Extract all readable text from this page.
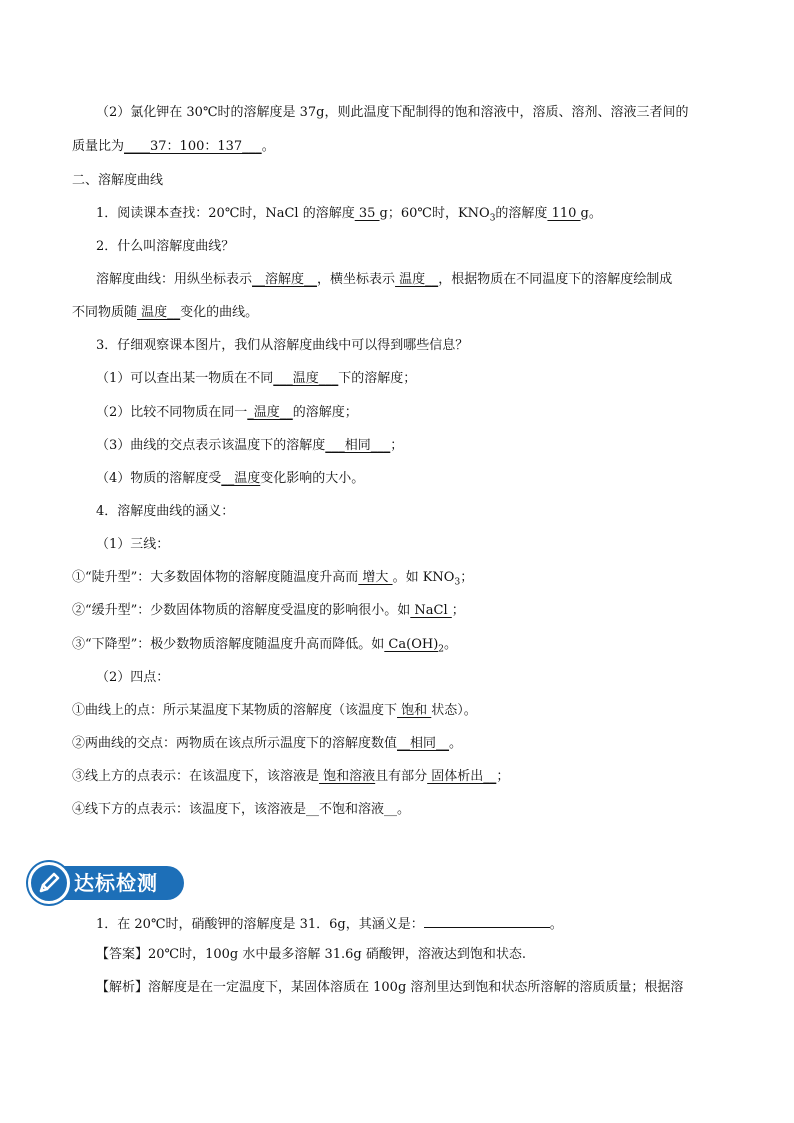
（2）氯化钾在 30℃时的溶解度是 37g，则此温度下配制得的饱和溶液中，溶质、溶剂、溶液三者间的
质量比为____37：100：137___。
二、溶解度曲线
1．阅读课本查找：20℃时，NaCl 的溶解度 35 g；60℃时，$KNO_3$的溶解度 110 g。
2．什么叫溶解度曲线？
溶解度曲线：用纵坐标表示__溶解度__，横坐标表示 温度__，根据物质在不同温度下的溶解度绘制成
不同物质随 温度__变化的曲线。
3．仔细观察课本图片，我们从溶解度曲线中可以得到哪些信息？
（1）可以查出某一物质在不同___温度___下的溶解度；
（2）比较不同物质在同一_温度__的溶解度；
（3）曲线的交点表示该温度下的溶解度___相同___；
（4）物质的溶解度受__温度变化影响的大小。
4．溶解度曲线的涵义：
（1）三线：
①“陡升型”：大多数固体物的溶解度随温度升高而 增大 。如 $KNO_3$；
②“缓升型”：少数固体物质的溶解度受温度的影响很小。如 NaCl ；
③“下降型”：极少数物质溶解度随温度升高而降低。如 $Ca(OH)_2$。
（2）四点：
①曲线上的点：所示某温度下某物质的溶解度（该温度下 饱和 状态）。
②两曲线的交点：两物质在该点所示温度下的溶解度数值__相同__。
③线上方的点表示：在该温度下，该溶液是 饱和溶液且有部分 固体析出__；
④线下方的点表示：该温度下，该溶液是__不饱和溶液__。
达标检测
1．在 20℃时，硝酸钾的溶解度是 31．6g，其涵义是：	。
【答案】20℃时，100g 水中最多溶解 31.6g 硝酸钾，溶液达到饱和状态.
【解析】溶解度是在一定温度下，某固体溶质在 100g 溶剂里达到饱和状态所溶解的溶质质量；根据溶
